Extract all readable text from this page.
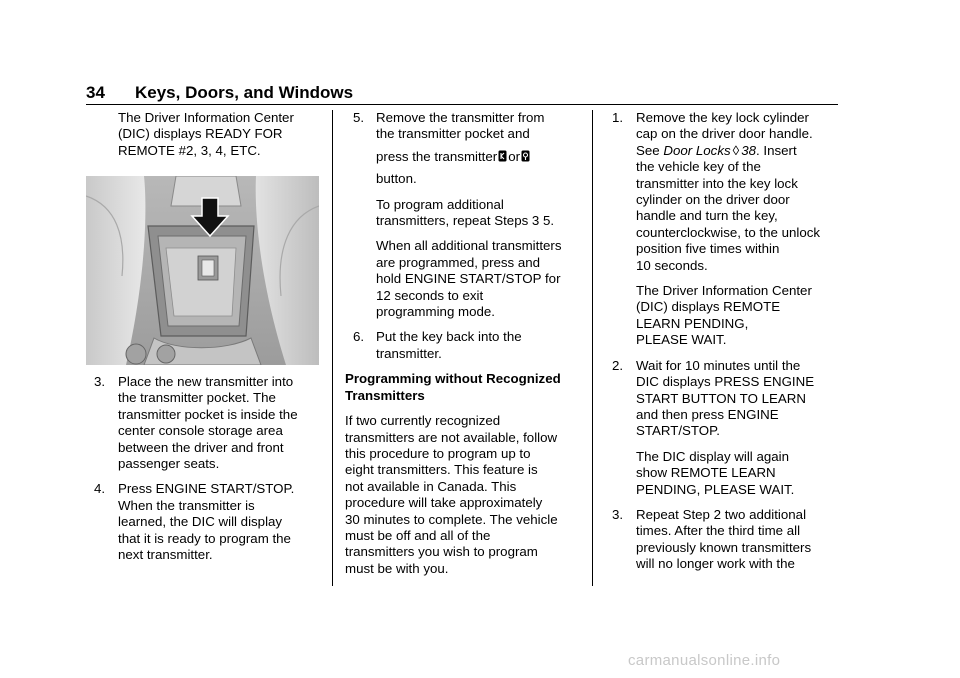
34 Keys, Doors, and Windows

The Driver Information Center

(DIC) displays READY FOR

REMOTE #2, 3, 4, ETC.

3. Place the new transmitter into

the transmitter pocket. The

transmitter pocket is inside the

center console storage area

between the driver and front

passenger seats.

4. Press ENGINE START/STOP.

When the transmitter is

learned, the DIC will display

that it is ready to program the

next transmitter.

5. Remove the transmitter from

the transmitter pocket and

press the transmitter or

button.

To program additional

transmitters, repeat Steps 3 5.

When all additional transmitters

are programmed, press and

hold ENGINE START/STOP for

12 seconds to exit

programming mode.

6. Put the key back into the

transmitter.

Programming without Recognized

Transmitters

If two currently recognized

transmitters are not available, follow

this procedure to program up to

eight transmitters. This feature is

not available in Canada. This

procedure will take approximately

30 minutes to complete. The vehicle

must be off and all of the

transmitters you wish to program

must be with you.

1. Remove the key lock cylinder

cap on the driver door handle.

See Door Locks ◊ 38. Insert

the vehicle key of the

transmitter into the key lock

cylinder on the driver door

handle and turn the key,

counterclockwise, to the unlock

position five times within

10 seconds.

The Driver Information Center

(DIC) displays REMOTE

LEARN PENDING,

PLEASE WAIT.

2. Wait for 10 minutes until the

DIC displays PRESS ENGINE

START BUTTON TO LEARN

and then press ENGINE

START/STOP.

The DIC display will again

show REMOTE LEARN

PENDING, PLEASE WAIT.

3. Repeat Step 2 two additional

times. After the third time all

previously known transmitters

will no longer work with the

carmanualsonline.info
